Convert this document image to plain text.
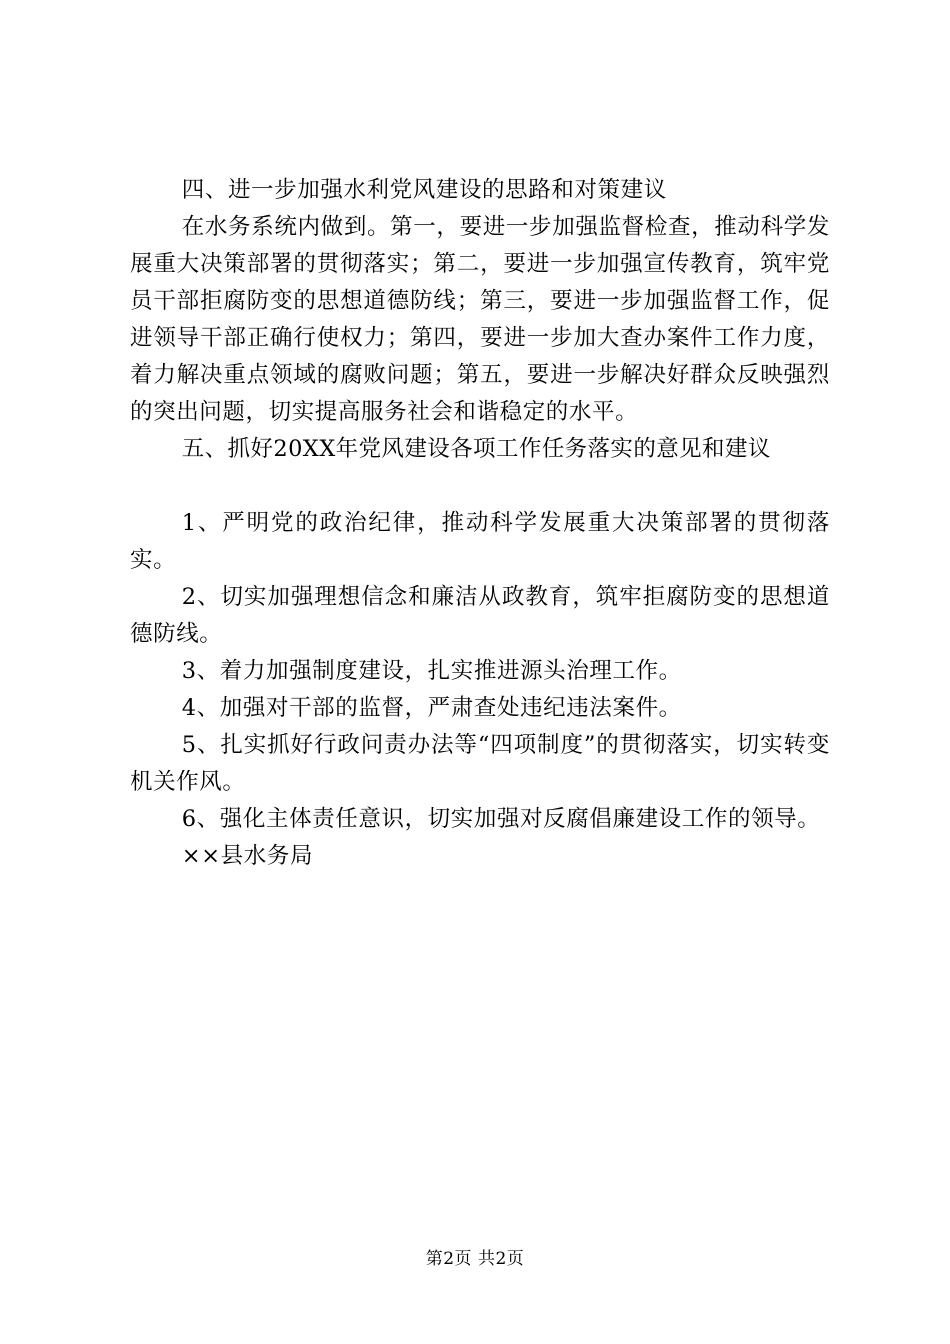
四、进一步加强水利党风建设的思路和对策建议

在水务系统内做到。第一，要进一步加强监督检查，推动科学发展重大决策部署的贯彻落实；第二，要进一步加强宣传教育，筑牢党员干部拒腐防变的思想道德防线；第三，要进一步加强监督工作，促进领导干部正确行使权力；第四，要进一步加大查办案件工作力度，着力解决重点领域的腐败问题；第五，要进一步解决好群众反映强烈的突出问题，切实提高服务社会和谐稳定的水平。

五、抓好20XX年党风建设各项工作任务落实的意见和建议

1、严明党的政治纪律，推动科学发展重大决策部署的贯彻落实。

2、切实加强理想信念和廉洁从政教育，筑牢拒腐防变的思想道德防线。

3、着力加强制度建设，扎实推进源头治理工作。

4、加强对干部的监督，严肃查处违纪违法案件。

5、扎实抓好行政问责办法等“四项制度”的贯彻落实，切实转变机关作风。

6、强化主体责任意识，切实加强对反腐倡廉建设工作的领导。

××县水务局

第2页 共2页
